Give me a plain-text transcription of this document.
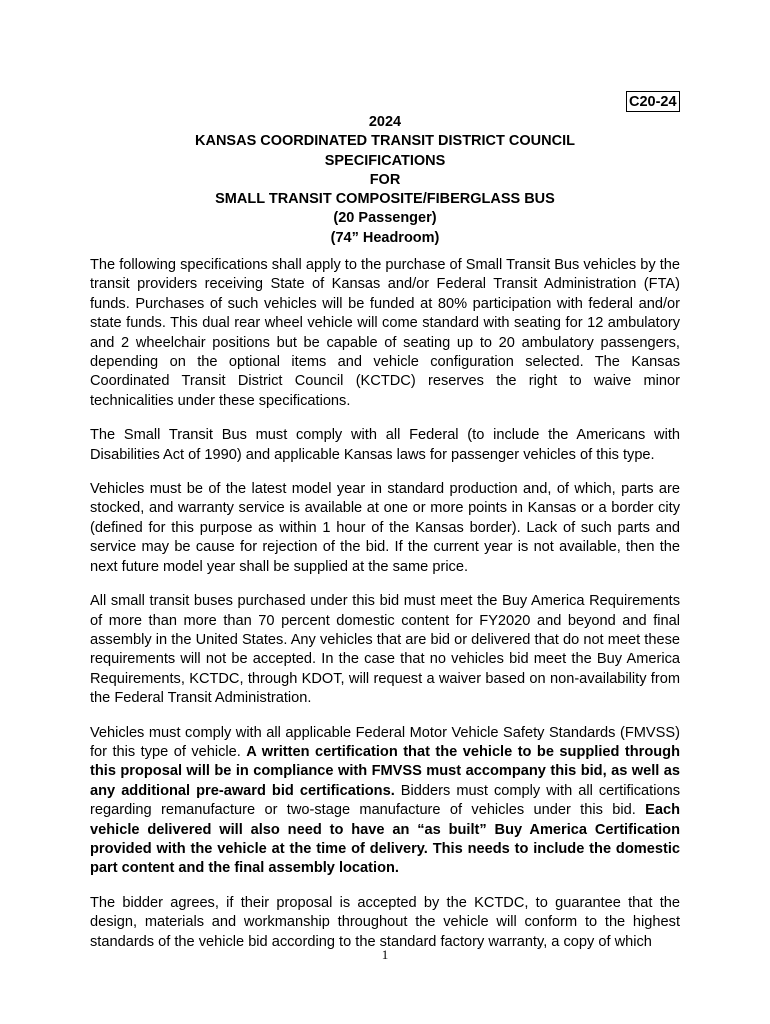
C20-24
2024
KANSAS COORDINATED TRANSIT DISTRICT COUNCIL
SPECIFICATIONS
FOR
SMALL TRANSIT COMPOSITE/FIBERGLASS BUS
(20 Passenger)
(74” Headroom)

The following specifications shall apply to the purchase of Small Transit Bus vehicles by the transit providers receiving State of Kansas and/or Federal Transit Administration (FTA) funds. Purchases of such vehicles will be funded at 80% participation with federal and/or state funds. This dual rear wheel vehicle will come standard with seating for 12 ambulatory and 2 wheelchair positions but be capable of seating up to 20 ambulatory passengers, depending on the optional items and vehicle configuration selected. The Kansas Coordinated Transit District Council (KCTDC) reserves the right to waive minor technicalities under these specifications.

The Small Transit Bus must comply with all Federal (to include the Americans with Disabilities Act of 1990) and applicable Kansas laws for passenger vehicles of this type.

Vehicles must be of the latest model year in standard production and, of which, parts are stocked, and warranty service is available at one or more points in Kansas or a border city (defined for this purpose as within 1 hour of the Kansas border). Lack of such parts and service may be cause for rejection of the bid. If the current year is not available, then the next future model year shall be supplied at the same price.

All small transit buses purchased under this bid must meet the Buy America Requirements of more than more than 70 percent domestic content for FY2020 and beyond and final assembly in the United States. Any vehicles that are bid or delivered that do not meet these requirements will not be accepted. In the case that no vehicles bid meet the Buy America Requirements, KCTDC, through KDOT, will request a waiver based on non-availability from the Federal Transit Administration.

Vehicles must comply with all applicable Federal Motor Vehicle Safety Standards (FMVSS) for this type of vehicle. A written certification that the vehicle to be supplied through this proposal will be in compliance with FMVSS must accompany this bid, as well as any additional pre-award bid certifications. Bidders must comply with all certifications regarding remanufacture or two-stage manufacture of vehicles under this bid. Each vehicle delivered will also need to have an “as built” Buy America Certification provided with the vehicle at the time of delivery. This needs to include the domestic part content and the final assembly location.

The bidder agrees, if their proposal is accepted by the KCTDC, to guarantee that the design, materials and workmanship throughout the vehicle will conform to the highest standards of the vehicle bid according to the standard factory warranty, a copy of which

1
